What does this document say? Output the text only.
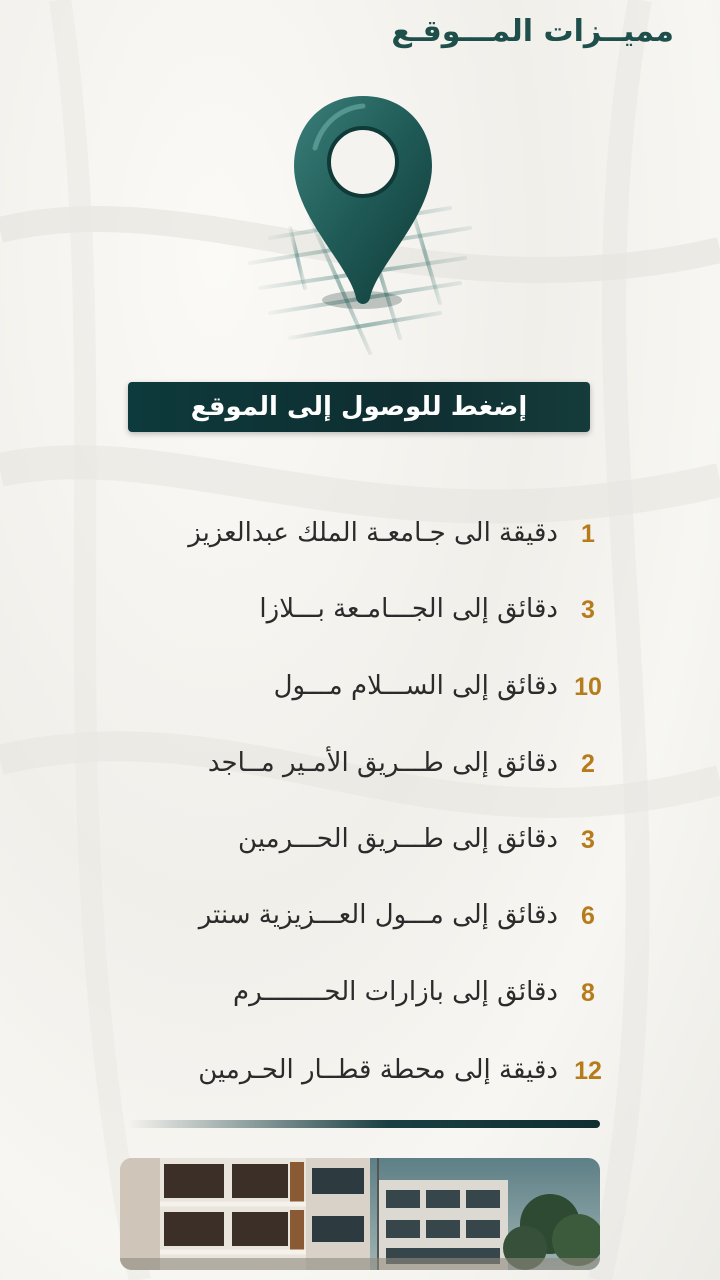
مميــزات المـــوقـع
إضغط للوصول إلى الموقع
1
دقيقة الى جـامعـة الملك عبدالعزيز
3
دقائق إلى الجـــامـعة بـــلازا
10
دقائق إلى الســـلام مـــول
2
دقائق إلى طـــريق الأمـير مــاجد
3
دقائق إلى طـــريق الحـــرمين
6
دقائق إلى مـــول العـــزيزية سنتر
8
دقائق إلى بازارات الحــــــــرم
12
دقيقة إلى محطة قطــار الحـرمين
